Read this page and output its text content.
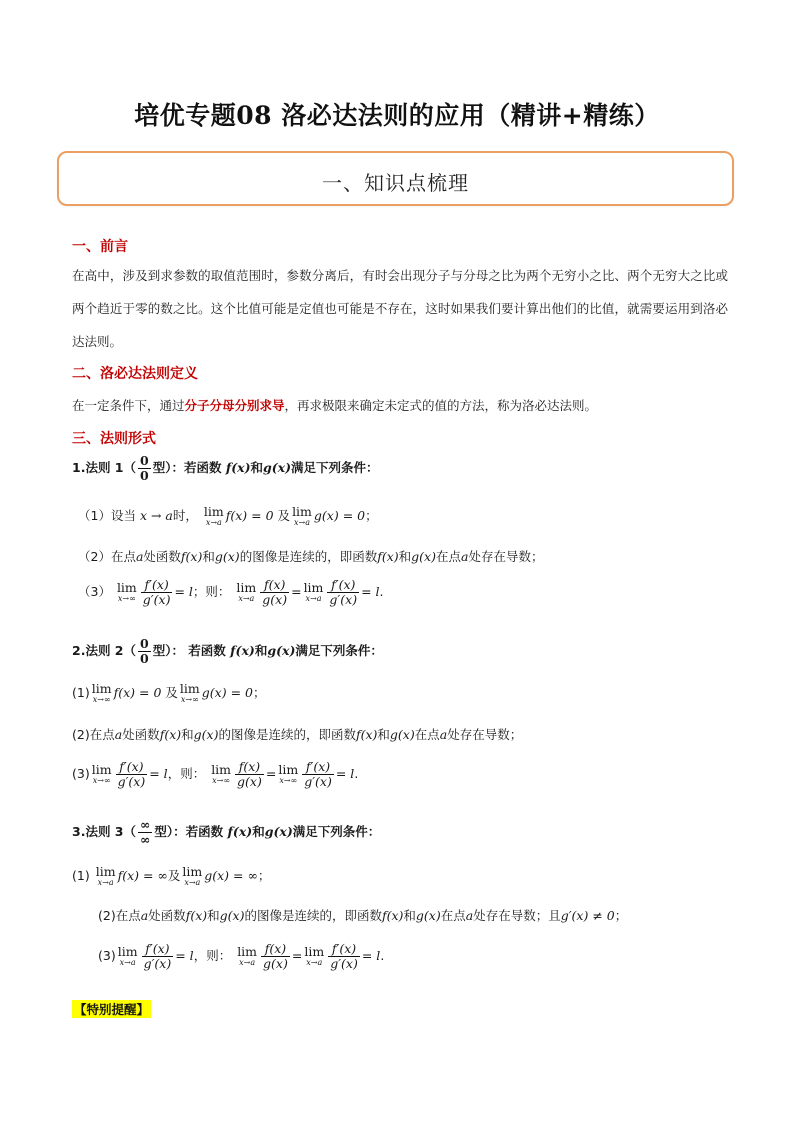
培优专题08 洛必达法则的应用（精讲+精练）
一、知识点梳理
一、前言
在高中，涉及到求参数的取值范围时，参数分离后，有时会出现分子与分母之比为两个无穷小之比、两个无穷大之比或两个趋近于零的数之比。这个比值可能是定值也可能是不存在，这时如果我们要计算出他们的比值，就需要运用到洛必达法则。
二、洛必达法则定义
在一定条件下，通过分子分母分别求导，再求极限来确定未定式的值的方法，称为洛必达法则。
三、法则形式
1.法则 $1( \frac{0}{0}$ 型）：若函数 f(x)和g(x)满足下列条件：
（1）设当 x → a时， lim
x→a f(x) = 0 及 lim
x→a g(x) = 0；
（2）在点a处函数f(x)和g(x)的图像是连续的，即函数f(x)和g(x)在点a处存在导数；
（3） lim
$x\to\infty \frac{f'(x)}{g'(x)} = l$；则： lim
$x\to a \frac{f(x)}{g(x)} = \lim$
$x\to a \frac{f'(x)}{g'(x)} = l$.
2.法则 $2( \frac{0}{0}$ 型）： 若函数 f(x)和g(x)满足下列条件：
(1) lim
x→∞ f(x) = 0 及 lim
x→∞ g(x) = 0；
(2)在点a处函数f(x)和g(x)的图像是连续的，即函数f(x)和g(x)在点a处存在导数；
(3) lim
$x\to\infty \frac{f'(x)}{g'(x)} = l$，则： lim
$x\to\infty \frac{f(x)}{g(x)} = \lim$
$x\to\infty \frac{f'(x)}{g'(x)} = l$.
3.法则 $3( \frac{\infty}{\infty}$ 型）：若函数 f(x)和g(x)满足下列条件：
(1) lim
x→a f(x) = ∞及 lim
x→a g(x) = ∞；
(2)在点a处函数f(x)和g(x)的图像是连续的，即函数f(x)和g(x)在点a处存在导数；且g′(x) ≠ 0；
(3) lim
$x\to a \frac{f'(x)}{g'(x)} = l$，则： lim
$x\to a \frac{f(x)}{g(x)} = \lim$
$x\to a \frac{f'(x)}{g'(x)} = l$.
【特别提醒】
